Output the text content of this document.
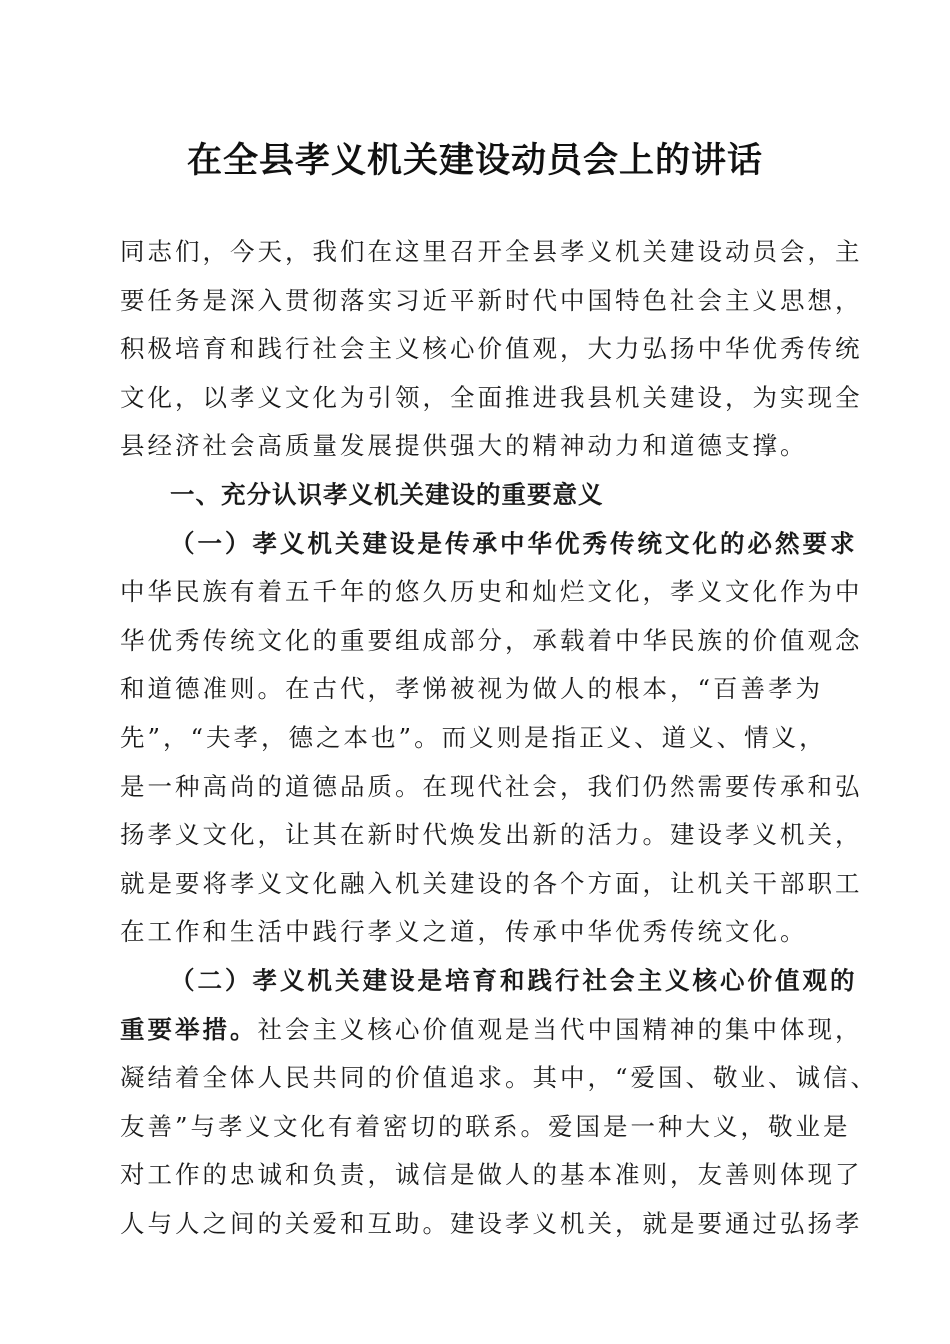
在全县孝义机关建设动员会上的讲话
同志们，今天，我们在这里召开全县孝义机关建设动员会，主
要任务是深入贯彻落实习近平新时代中国特色社会主义思想，
积极培育和践行社会主义核心价值观，大力弘扬中华优秀传统
文化，以孝义文化为引领，全面推进我县机关建设，为实现全
县经济社会高质量发展提供强大的精神动力和道德支撑。
一、充分认识孝义机关建设的重要意义
（一）孝义机关建设是传承中华优秀传统文化的必然要求
中华民族有着五千年的悠久历史和灿烂文化，孝义文化作为中
华优秀传统文化的重要组成部分，承载着中华民族的价值观念
和道德准则。在古代，孝悌被视为做人的根本，“百善孝为
先”，“夫孝，德之本也”。而义则是指正义、道义、情义，
是一种高尚的道德品质。在现代社会，我们仍然需要传承和弘
扬孝义文化，让其在新时代焕发出新的活力。建设孝义机关，
就是要将孝义文化融入机关建设的各个方面，让机关干部职工
在工作和生活中践行孝义之道，传承中华优秀传统文化。
（二）孝义机关建设是培育和践行社会主义核心价值观的
重要举措。社会主义核心价值观是当代中国精神的集中体现，
凝结着全体人民共同的价值追求。其中，“爱国、敬业、诚信、
友善”与孝义文化有着密切的联系。爱国是一种大义，敬业是
对工作的忠诚和负责，诚信是做人的基本准则，友善则体现了
人与人之间的关爱和互助。建设孝义机关，就是要通过弘扬孝
